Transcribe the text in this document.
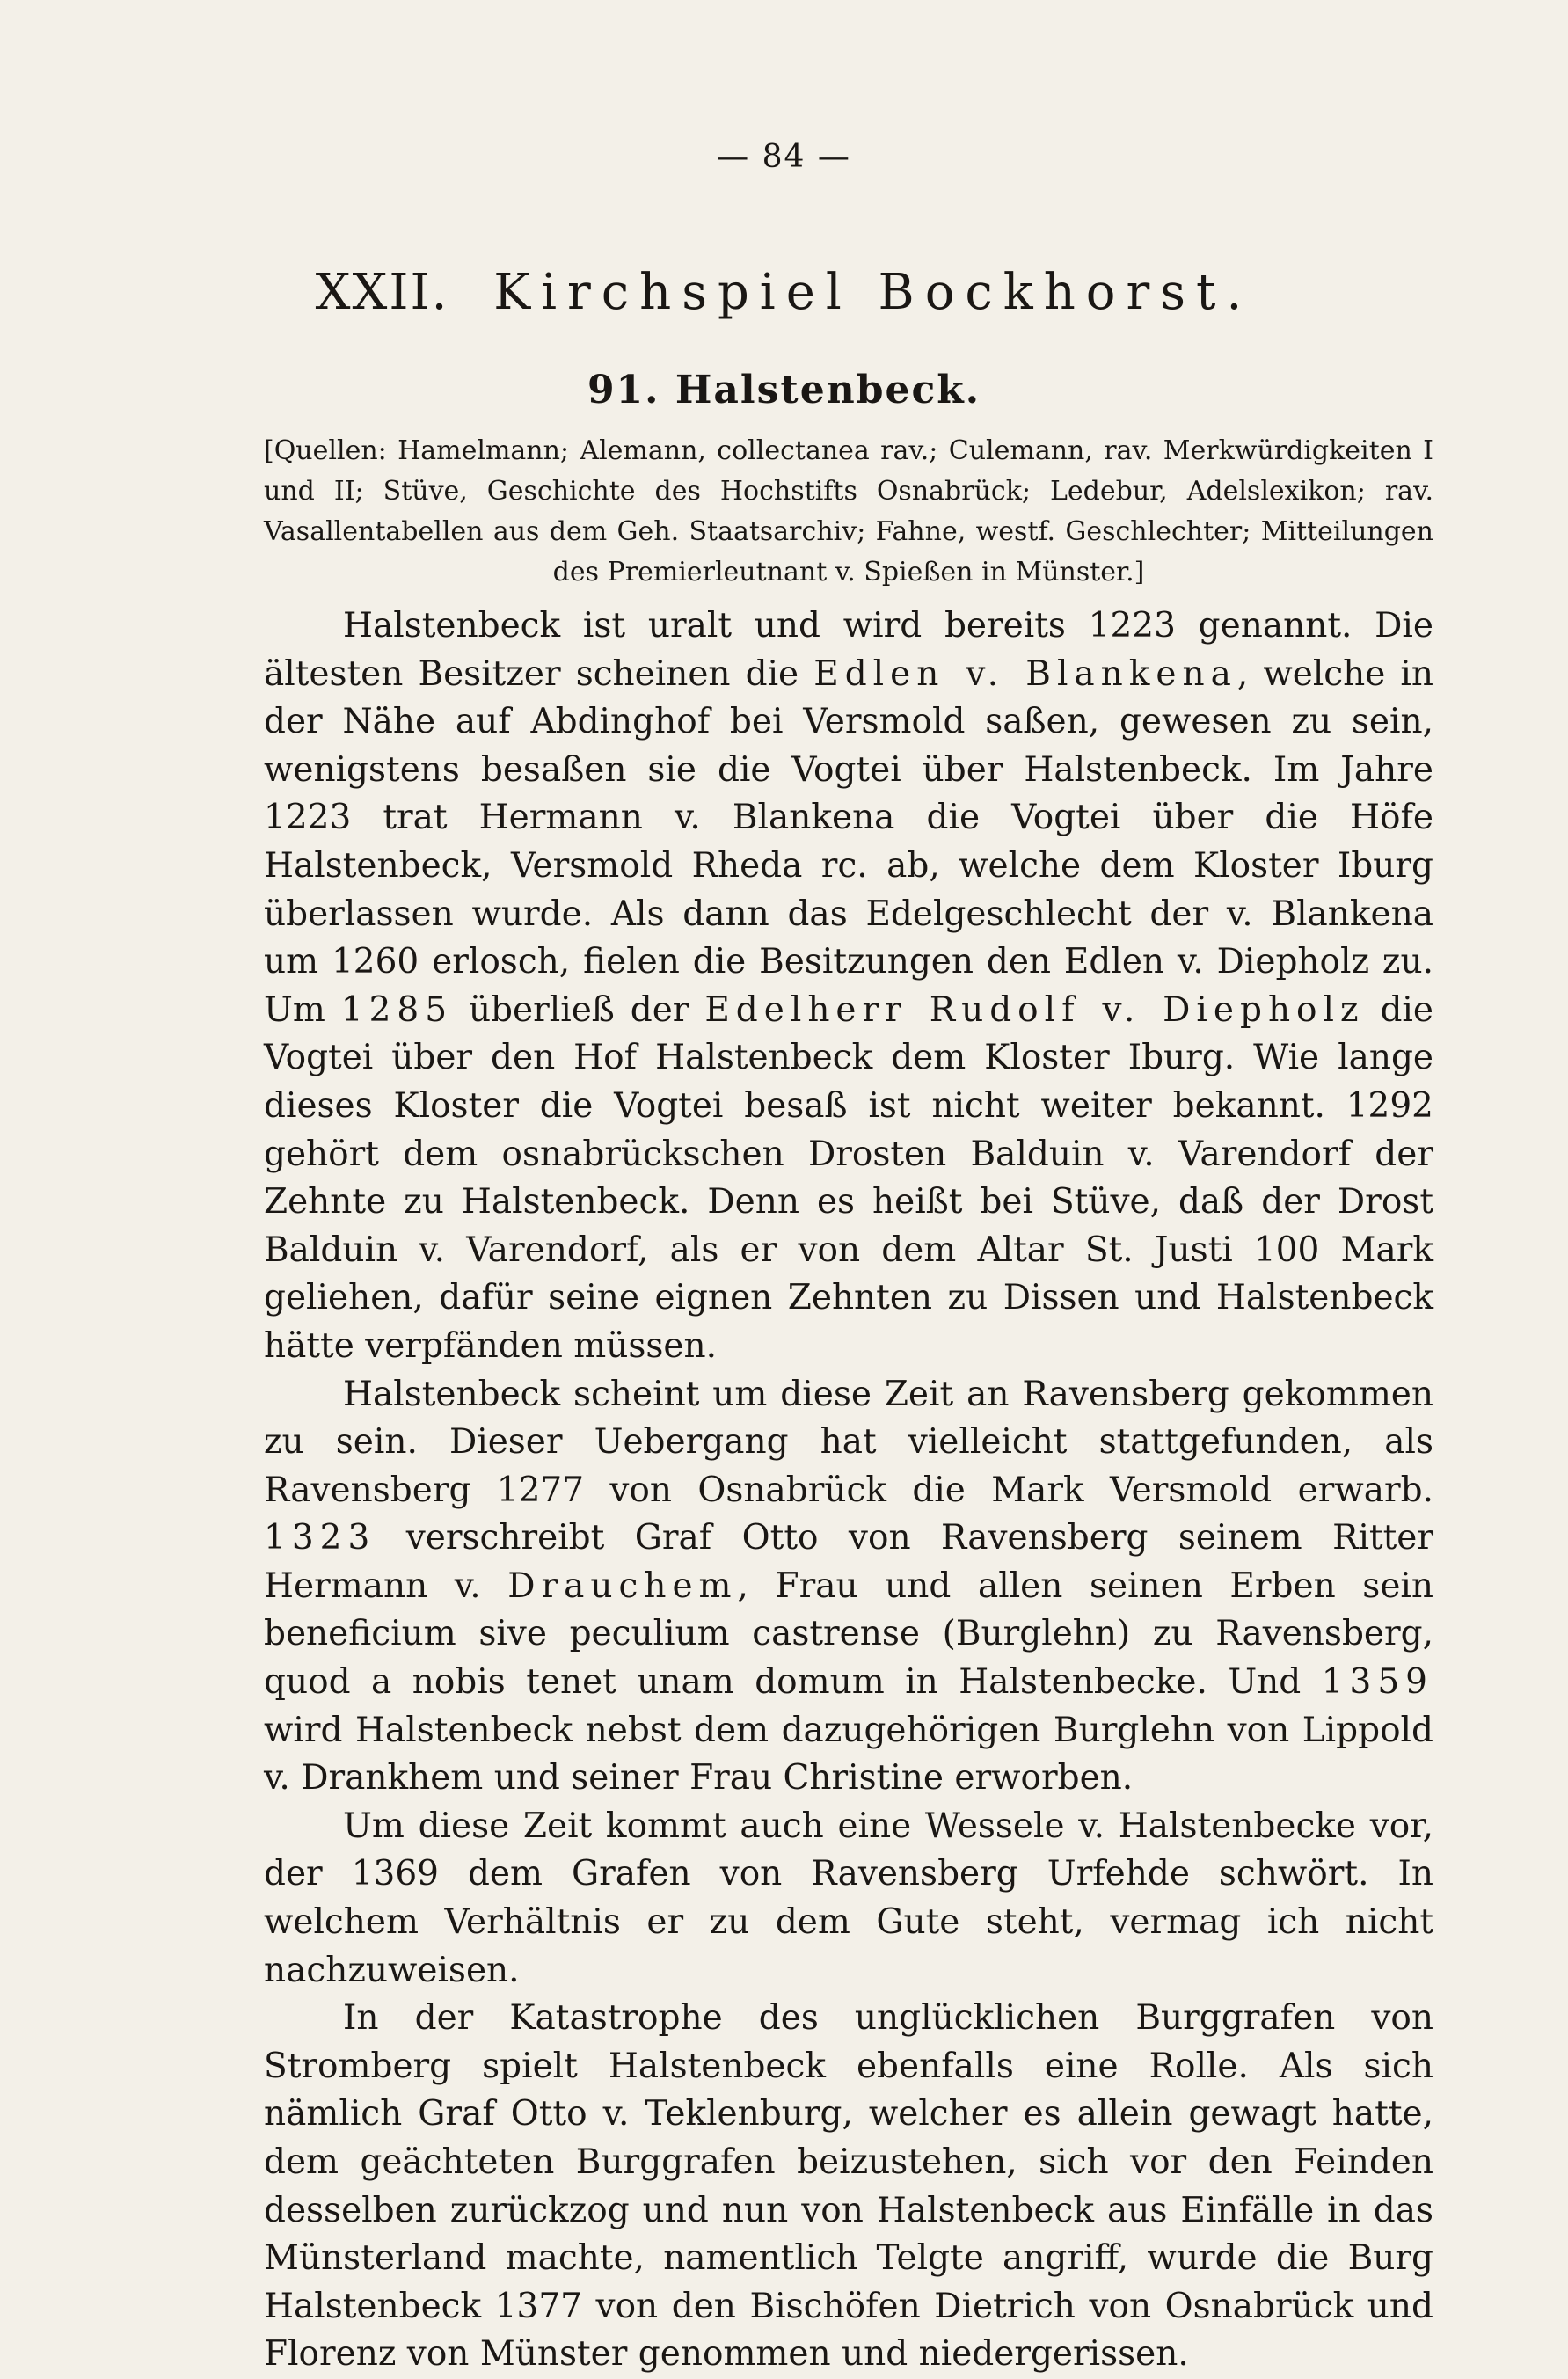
— 84 —
XXII. Kirchspiel Bockhorst.
91. Halstenbeck.
[Quellen: Hamelmann; Alemann, collectanea rav.; Culemann, rav. Merkwürdigkeiten I und II; Stüve, Geschichte des Hochstifts Osnabrück; Ledebur, Adelslexikon; rav. Vasallentabellen aus dem Geh. Staatsarchiv; Fahne, westf. Geschlechter; Mitteilungen des Premierleutnant v. Spießen in Münster.]

Halstenbeck ist uralt und wird bereits 1223 genannt. Die ältesten Besitzer scheinen die Edlen v. Blankena, welche in der Nähe auf Abdinghof bei Versmold saßen, gewesen zu sein, wenigstens besaßen sie die Vogtei über Halstenbeck. Im Jahre 1223 trat Hermann v. Blankena die Vogtei über die Höfe Halstenbeck, Versmold Rheda rc. ab, welche dem Kloster Iburg überlassen wurde. Als dann das Edelgeschlecht der v. Blankena um 1260 erlosch, fielen die Besitzungen den Edlen v. Diepholz zu. Um 1285 überließ der Edelherr Rudolf v. Diepholz die Vogtei über den Hof Halstenbeck dem Kloster Iburg. Wie lange dieses Kloster die Vogtei besaß ist nicht weiter bekannt. 1292 gehört dem osnabrückschen Drosten Balduin v. Varendorf der Zehnte zu Halstenbeck. Denn es heißt bei Stüve, daß der Drost Balduin v. Varendorf, als er von dem Altar St. Justi 100 Mark geliehen, dafür seine eignen Zehnten zu Dissen und Halstenbeck hätte verpfänden müssen.

Halstenbeck scheint um diese Zeit an Ravensberg gekommen zu sein. Dieser Uebergang hat vielleicht stattgefunden, als Ravensberg 1277 von Osnabrück die Mark Versmold erwarb. 1323 verschreibt Graf Otto von Ravensberg seinem Ritter Hermann v. Drauchem, Frau und allen seinen Erben sein beneficium sive peculium castrense (Burglehn) zu Ravensberg, quod a nobis tenet unam domum in Halstenbecke. Und 1359 wird Halstenbeck nebst dem dazugehörigen Burglehn von Lippold v. Drankhem und seiner Frau Christine erworben.

Um diese Zeit kommt auch eine Wessele v. Halstenbecke vor, der 1369 dem Grafen von Ravensberg Urfehde schwört. In welchem Verhältnis er zu dem Gute steht, vermag ich nicht nachzuweisen.

In der Katastrophe des unglücklichen Burggrafen von Stromberg spielt Halstenbeck ebenfalls eine Rolle. Als sich nämlich Graf Otto v. Teklenburg, welcher es allein gewagt hatte, dem geächteten Burggrafen beizustehen, sich vor den Feinden desselben zurückzog und nun von Halstenbeck aus Einfälle in das Münsterland machte, namentlich Telgte angriff, wurde die Burg Halstenbeck 1377 von den Bischöfen Dietrich von Osnabrück und Florenz von Münster genommen und niedergerissen.
